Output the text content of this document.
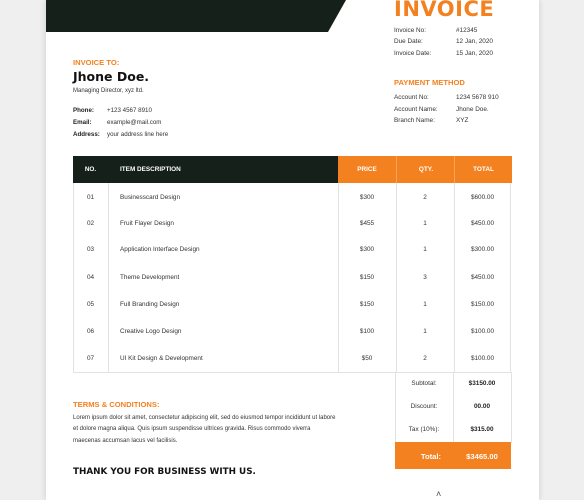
INVOICE
Invoice No:	#12345
Due Date:	12 Jan, 2020
Invoice Date:	15 Jan, 2020
INVOICE TO:
Jhone Doe.
Managing Director, xyz ltd.
Phone: +123 4567 8910
Email: example@mail.com
Address: your address line here
PAYMENT METHOD
Account No:	1234 5678 910
Account Name:	Jhone Doe.
Branch Name:	XYZ
NO.	ITEM DESCRIPTION	PRICE	QTY.	TOTAL
01	Businesscard Design	$300	2	$600.00
02	Fruit Flayer Design	$455	1	$450.00
03	Application Interface Design	$300	1	$300.00
04	Theme Development	$150	3	$450.00
05	Full Branding Design	$150	1	$150.00
06	Creative Logo Design	$100	1	$100.00
07	UI Kit Design & Development	$50	2	$100.00
Subtotal:	$3150.00
Discount:	00.00
Tax (10%):	$315.00
Total:	$3465.00
TERMS & CONDITIONS:
Lorem ipsum dolor sit amet, consectetur adipiscing elit, sed do eiusmod tempor incididunt ut labore et dolore magna aliqua. Quis ipsum suspendisse ultrices gravida. Risus commodo viverra maecenas accumsan lacus vel facilisis.
THANK YOU FOR BUSINESS WITH US.
˄
